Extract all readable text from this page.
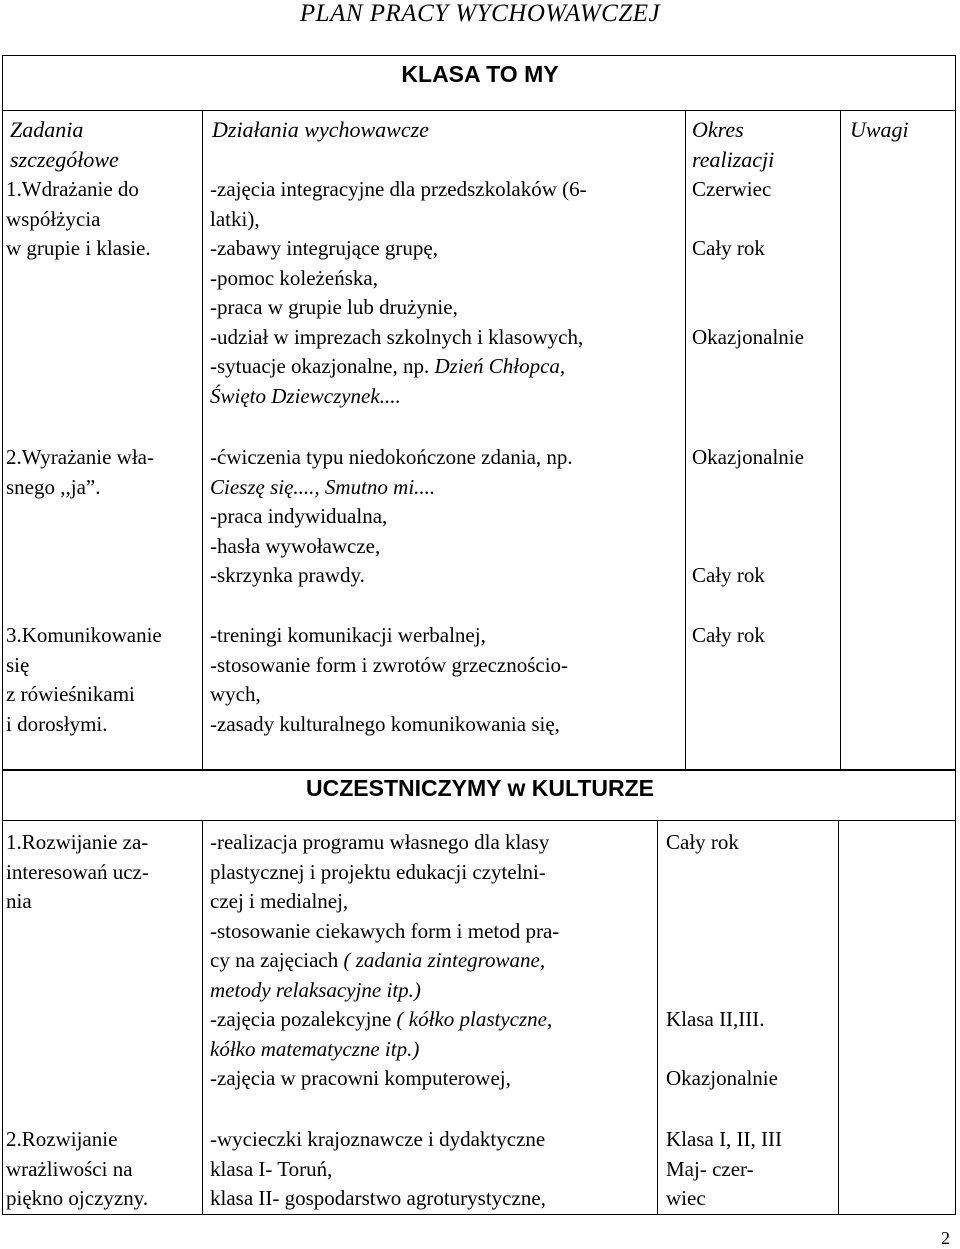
PLAN PRACY WYCHOWAWCZEJ
KLASA TO MY
Zadania
szczegółowe
Działania wychowawcze	Okres
realizacji
Uwagi
1.Wdrażanie do
współżycia
w grupie i klasie.
-zajęcia integracyjne dla przedszkolaków (6-
latki),
-zabawy integrujące grupę,
-pomoc koleżeńska,
-praca w grupie lub drużynie,
-udział w imprezach szkolnych i klasowych,
-sytuacje okazjonalne, np. Dzień Chłopca,
Święto Dziewczynek....
Czerwiec
Cały rok
Okazjonalnie
2.Wyrażanie wła-
snego ,,ja”.
-ćwiczenia typu niedokończone zdania, np.
Cieszę się...., Smutno mi....
-praca indywidualna,
-hasła wywoławcze,
-skrzynka prawdy.
Okazjonalnie
Cały rok
3.Komunikowanie
się
z rówieśnikami
i dorosłymi.
-treningi komunikacji werbalnej,
-stosowanie form i zwrotów grzecznościo-
wych,
-zasady kulturalnego komunikowania się,
Cały rok
UCZESTNICZYMY w KULTURZE
1.Rozwijanie za-
interesowań ucz-
nia
-realizacja programu własnego dla klasy
plastycznej i projektu edukacji czytelni-
czej i medialnej,
-stosowanie ciekawych form i metod pra-
cy na zajęciach ( zadania zintegrowane,
metody relaksacyjne itp.)
-zajęcia pozalekcyjne ( kółko plastyczne,
kółko matematyczne itp.)
-zajęcia w pracowni komputerowej,
Cały rok
Klasa II,III.
Okazjonalnie
2.Rozwijanie
wrażliwości na
piękno ojczyzny.
-wycieczki krajoznawcze i dydaktyczne
klasa I- Toruń,
klasa II- gospodarstwo agroturystyczne,
Klasa I, II, III
Maj- czer-
wiec
2
